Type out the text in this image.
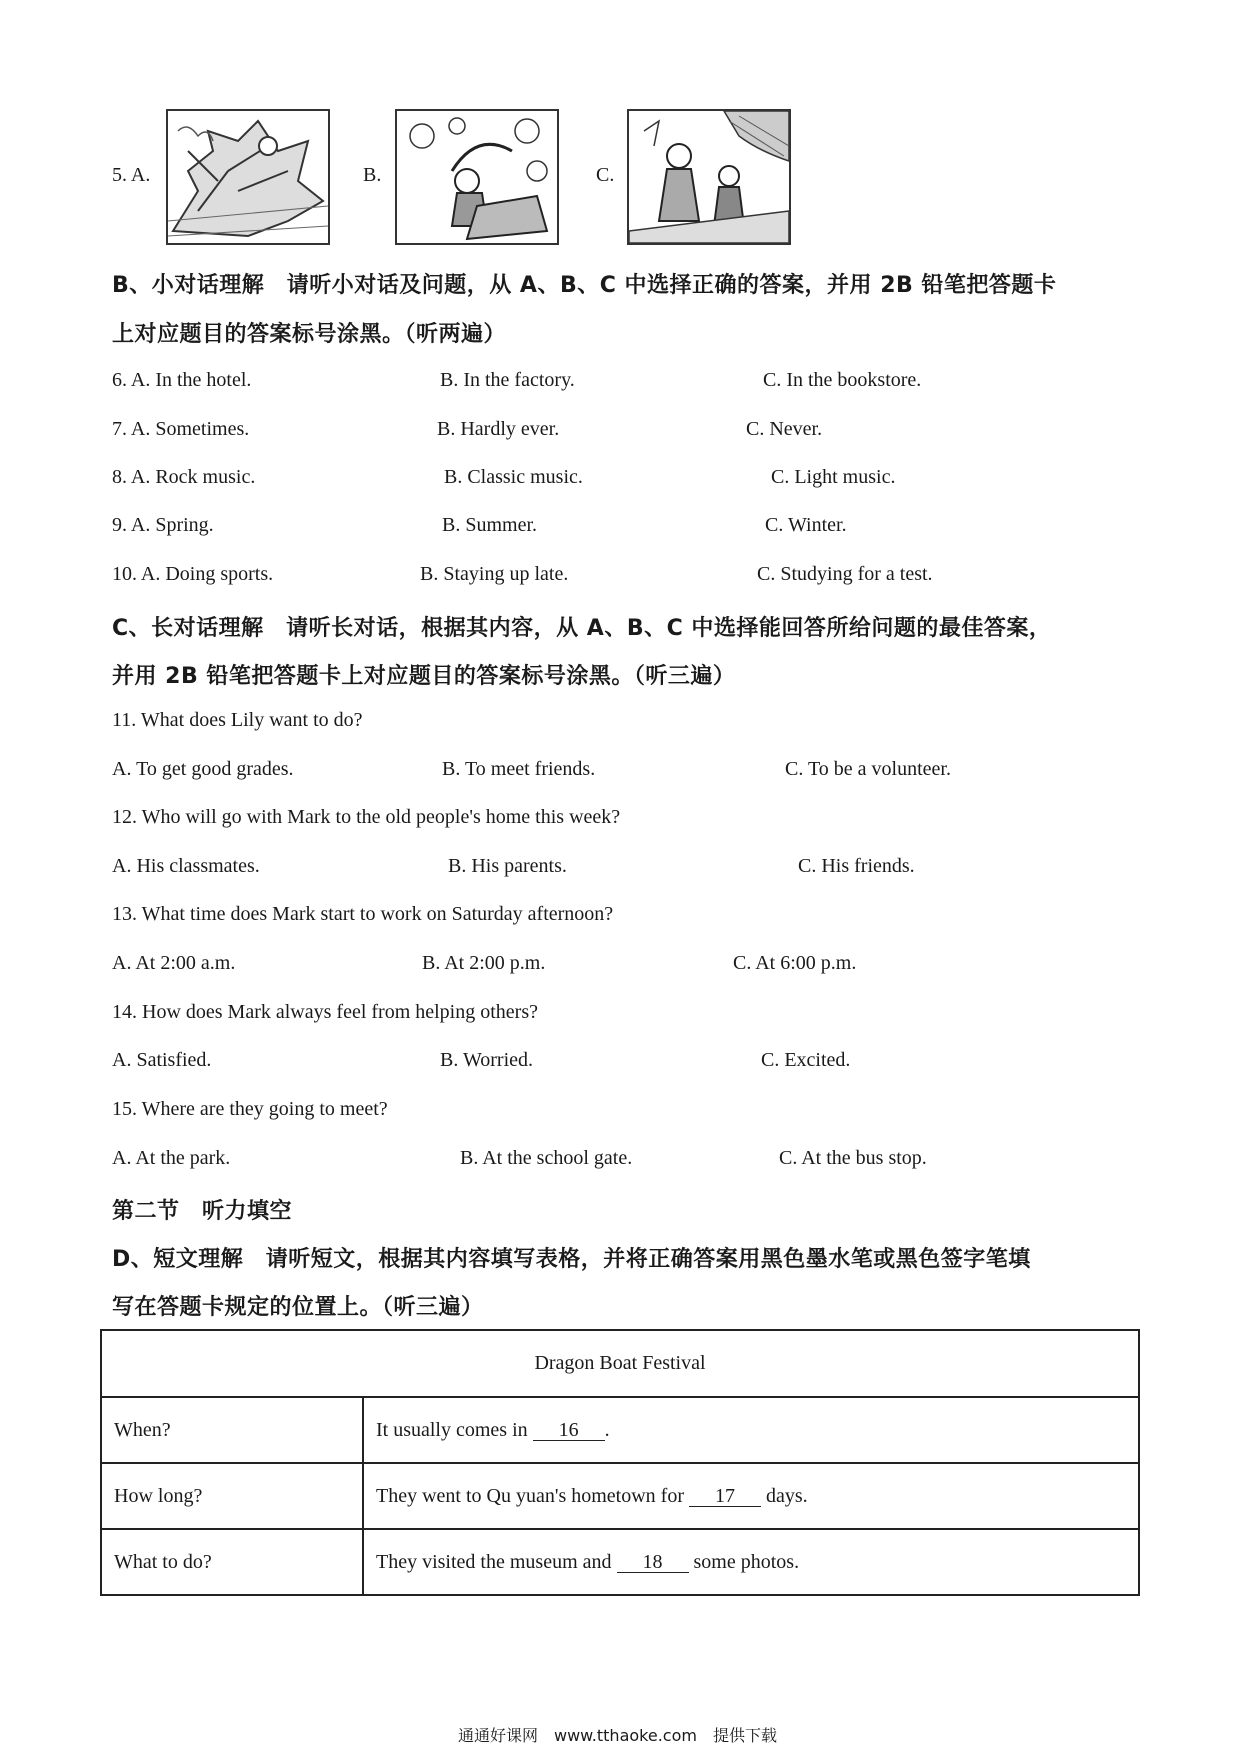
5. A.	B.	C.
B、小对话理解　请听小对话及问题，从 A、B、C 中选择正确的答案，并用 2B 铅笔把答题卡
上对应题目的答案标号涂黑。（听两遍）
6. A. In the hotel.	B. In the factory.	C. In the bookstore.
7. A. Sometimes.	B. Hardly ever.	C. Never.
8. A. Rock music.	B. Classic music.	C. Light music.
9. A. Spring.	B. Summer.	C. Winter.
10. A. Doing sports.	B. Staying up late.	C. Studying for a test.
C、长对话理解　请听长对话，根据其内容，从 A、B、C 中选择能回答所给问题的最佳答案，
并用 2B 铅笔把答题卡上对应题目的答案标号涂黑。（听三遍）
11. What does Lily want to do?
A. To get good grades.	B. To meet friends.	C. To be a volunteer.
12. Who will go with Mark to the old people's home this week?
A. His classmates.	B. His parents.	C. His friends.
13. What time does Mark start to work on Saturday afternoon?
A. At 2:00 a.m.	B. At 2:00 p.m.	C. At 6:00 p.m.
14. How does Mark always feel from helping others?
A. Satisfied.	B. Worried.	C. Excited.
15. Where are they going to meet?
A. At the park.	B. At the school gate.	C. At the bus stop.
第二节　听力填空
D、短文理解　请听短文，根据其内容填写表格，并将正确答案用黑色墨水笔或黑色签字笔填
写在答题卡规定的位置上。（听三遍）
Dragon Boat Festival	
When?	It usually comes in 16 .
How long?	They went to Qu yuan's hometown for 17 days.
What to do?	They visited the museum and 18 some photos.
通通好课网　www.tthaoke.com　提供下载
